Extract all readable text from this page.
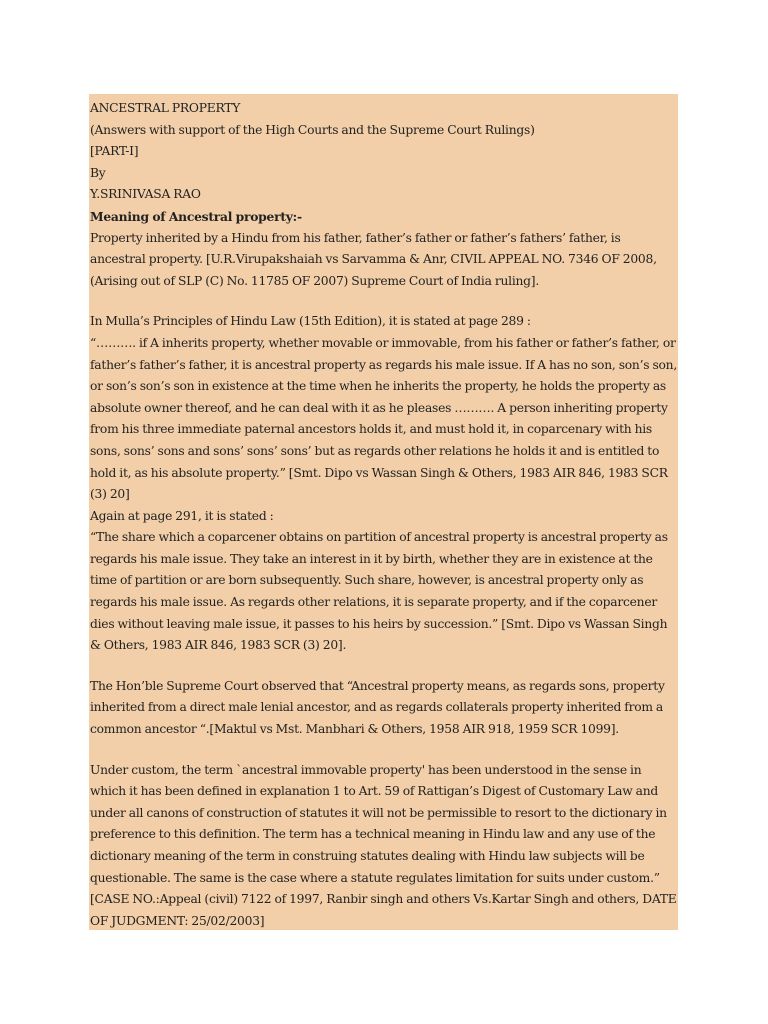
ANCESTRAL PROPERTY
(Answers with support of the High Courts and the Supreme Court Rulings)
[PART-I]
By
Y.SRINIVASA RAO
Meaning of Ancestral property:-
Property inherited by a Hindu from his father, father’s father or father’s fathers’ father, is ancestral property. [U.R.Virupakshaiah vs Sarvamma & Anr, CIVIL APPEAL NO. 7346 OF 2008, (Arising out of SLP (C) No. 11785 OF 2007) Supreme Court of India ruling].
In Mulla’s Principles of Hindu Law (15th Edition), it is stated at page 289 :
“………. if A inherits property, whether movable or immovable, from his father or father’s father, or father’s father’s father, it is ancestral property as regards his male issue. If A has no son, son’s son, or son’s son’s son in existence at the time when he inherits the property, he holds the property as absolute owner thereof, and he can deal with it as he pleases ………. A person inheriting property from his three immediate paternal ancestors holds it, and must hold it, in coparcenary with his sons, sons’ sons and sons’ sons’ sons’ but as regards other relations he holds it and is entitled to hold it, as his absolute property.” [Smt. Dipo vs Wassan Singh & Others, 1983 AIR 846, 1983 SCR (3) 20]
Again at page 291, it is stated :
“The share which a coparcener obtains on partition of ancestral property is ancestral property as regards his male issue. They take an interest in it by birth, whether they are in existence at the time of partition or are born subsequently. Such share, however, is ancestral property only as regards his male issue. As regards other relations, it is separate property, and if the coparcener dies without leaving male issue, it passes to his heirs by succession.” [Smt. Dipo vs Wassan Singh & Others, 1983 AIR 846, 1983 SCR (3) 20].
The Hon’ble Supreme Court observed that “Ancestral property means, as regards sons, property inherited from a direct male lenial ancestor, and as regards collaterals property inherited from a common ancestor “.[Maktul vs Mst. Manbhari & Others, 1958 AIR 918, 1959 SCR 1099].
Under custom, the term `ancestral immovable property' has been understood in the sense in which it has been defined in explanation 1 to Art. 59 of Rattigan’s Digest of Customary Law and under all canons of construction of statutes it will not be permissible to resort to the dictionary in preference to this definition. The term has a technical meaning in Hindu law and any use of the dictionary meaning of the term in construing statutes dealing with Hindu law subjects will be questionable. The same is the case where a statute regulates limitation for suits under custom.” [CASE NO.:Appeal (civil) 7122 of 1997, Ranbir singh and others Vs.Kartar Singh and others, DATE OF JUDGMENT: 25/02/2003]
